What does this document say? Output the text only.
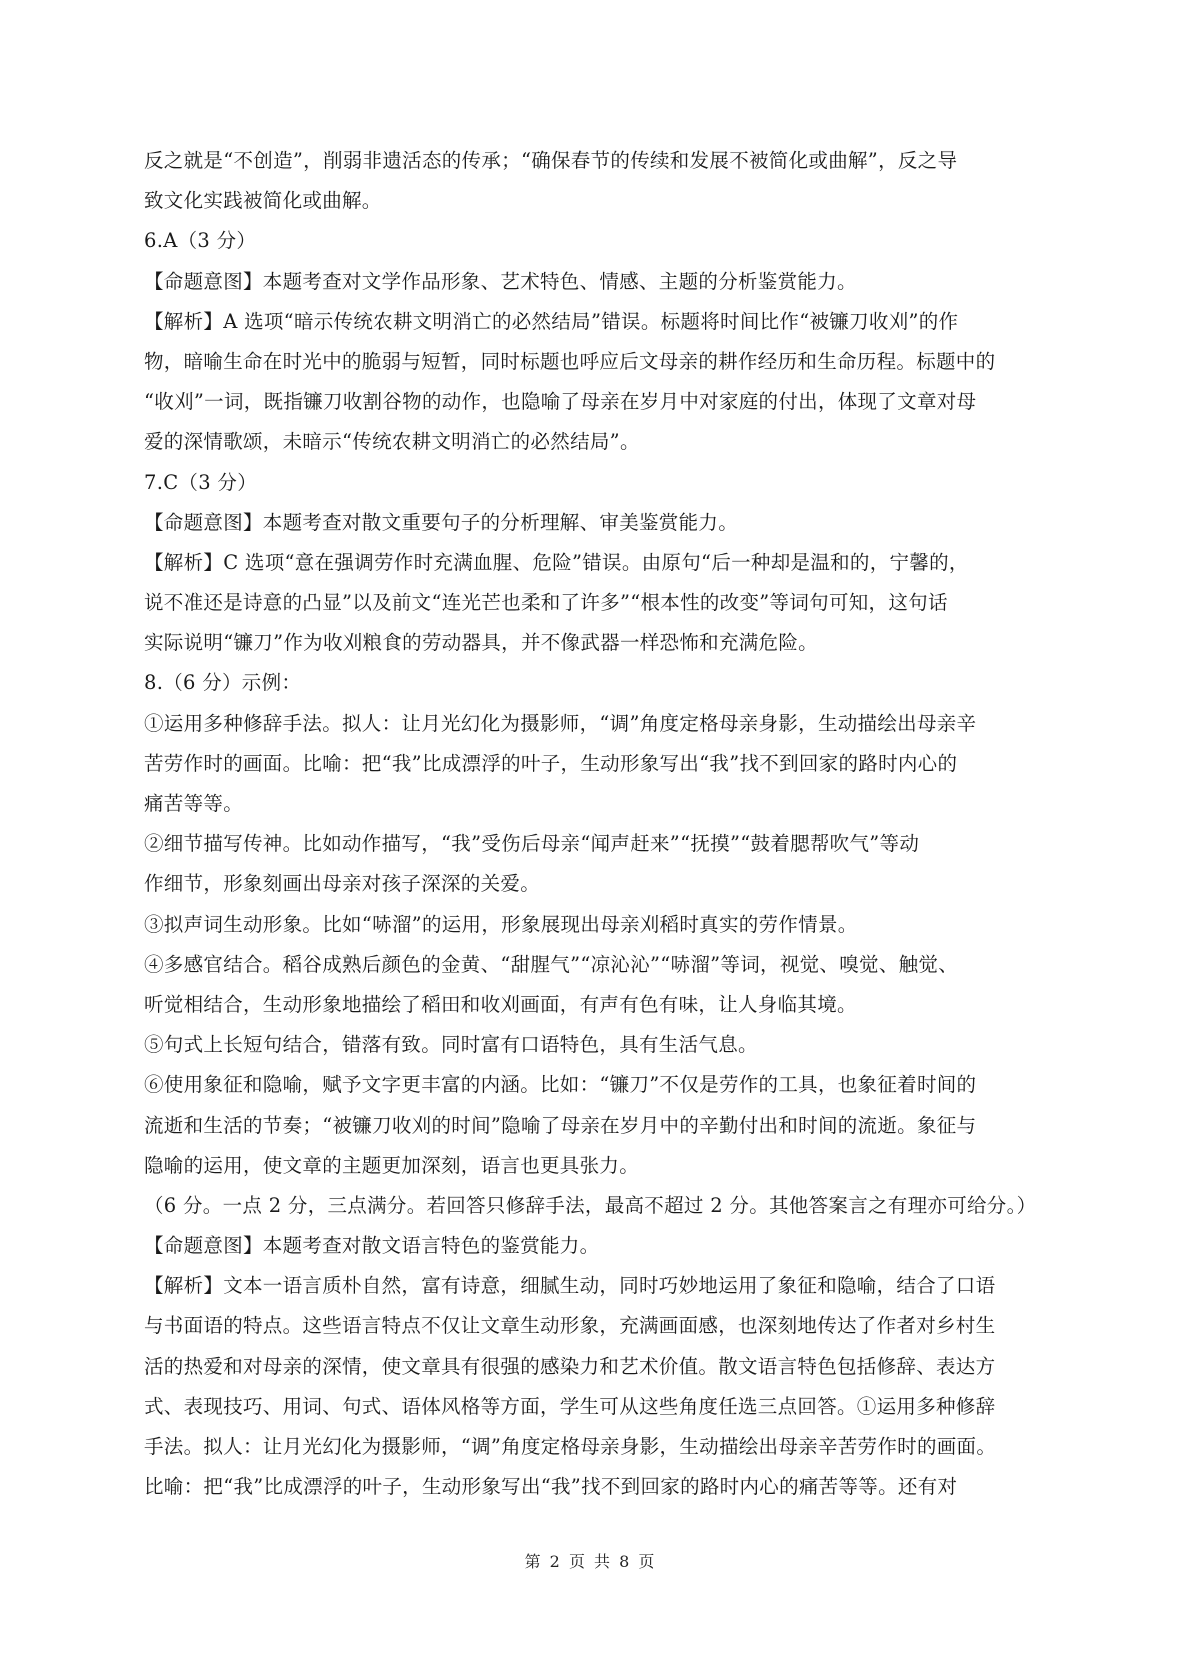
反之就是“不创造”，削弱非遗活态的传承；“确保春节的传续和发展不被简化或曲解”，反之导
致文化实践被简化或曲解。
6.A（3 分）
【命题意图】本题考查对文学作品形象、艺术特色、情感、主题的分析鉴赏能力。
【解析】A 选项“暗示传统农耕文明消亡的必然结局”错误。标题将时间比作“被镰刀收刈”的作
物，暗喻生命在时光中的脆弱与短暂，同时标题也呼应后文母亲的耕作经历和生命历程。标题中的
“收刈”一词，既指镰刀收割谷物的动作，也隐喻了母亲在岁月中对家庭的付出，体现了文章对母
爱的深情歌颂，未暗示“传统农耕文明消亡的必然结局”。
7.C（3 分）
【命题意图】本题考查对散文重要句子的分析理解、审美鉴赏能力。
【解析】C 选项“意在强调劳作时充满血腥、危险”错误。由原句“后一种却是温和的，宁馨的，
说不准还是诗意的凸显”以及前文“连光芒也柔和了许多”“根本性的改变”等词句可知，这句话
实际说明“镰刀”作为收刈粮食的劳动器具，并不像武器一样恐怖和充满危险。
8.（6 分）示例：
①运用多种修辞手法。拟人：让月光幻化为摄影师，“调”角度定格母亲身影，生动描绘出母亲辛
苦劳作时的画面。比喻：把“我”比成漂浮的叶子，生动形象写出“我”找不到回家的路时内心的
痛苦等等。
②细节描写传神。比如动作描写，“我”受伤后母亲“闻声赶来”“抚摸”“鼓着腮帮吹气”等动
作细节，形象刻画出母亲对孩子深深的关爱。
③拟声词生动形象。比如“哧溜”的运用，形象展现出母亲刈稻时真实的劳作情景。
④多感官结合。稻谷成熟后颜色的金黄、“甜腥气”“凉沁沁”“哧溜”等词，视觉、嗅觉、触觉、
听觉相结合，生动形象地描绘了稻田和收刈画面，有声有色有味，让人身临其境。
⑤句式上长短句结合，错落有致。同时富有口语特色，具有生活气息。
⑥使用象征和隐喻，赋予文字更丰富的内涵。比如：“镰刀”不仅是劳作的工具，也象征着时间的
流逝和生活的节奏；“被镰刀收刈的时间”隐喻了母亲在岁月中的辛勤付出和时间的流逝。象征与
隐喻的运用，使文章的主题更加深刻，语言也更具张力。
（6 分。一点 2 分，三点满分。若回答只修辞手法，最高不超过 2 分。其他答案言之有理亦可给分。）
【命题意图】本题考查对散文语言特色的鉴赏能力。
【解析】文本一语言质朴自然，富有诗意，细腻生动，同时巧妙地运用了象征和隐喻，结合了口语
与书面语的特点。这些语言特点不仅让文章生动形象，充满画面感，也深刻地传达了作者对乡村生
活的热爱和对母亲的深情，使文章具有很强的感染力和艺术价值。散文语言特色包括修辞、表达方
式、表现技巧、用词、句式、语体风格等方面，学生可从这些角度任选三点回答。①运用多种修辞
手法。拟人：让月光幻化为摄影师，“调”角度定格母亲身影，生动描绘出母亲辛苦劳作时的画面。
比喻：把“我”比成漂浮的叶子，生动形象写出“我”找不到回家的路时内心的痛苦等等。还有对
第 2 页 共 8 页
